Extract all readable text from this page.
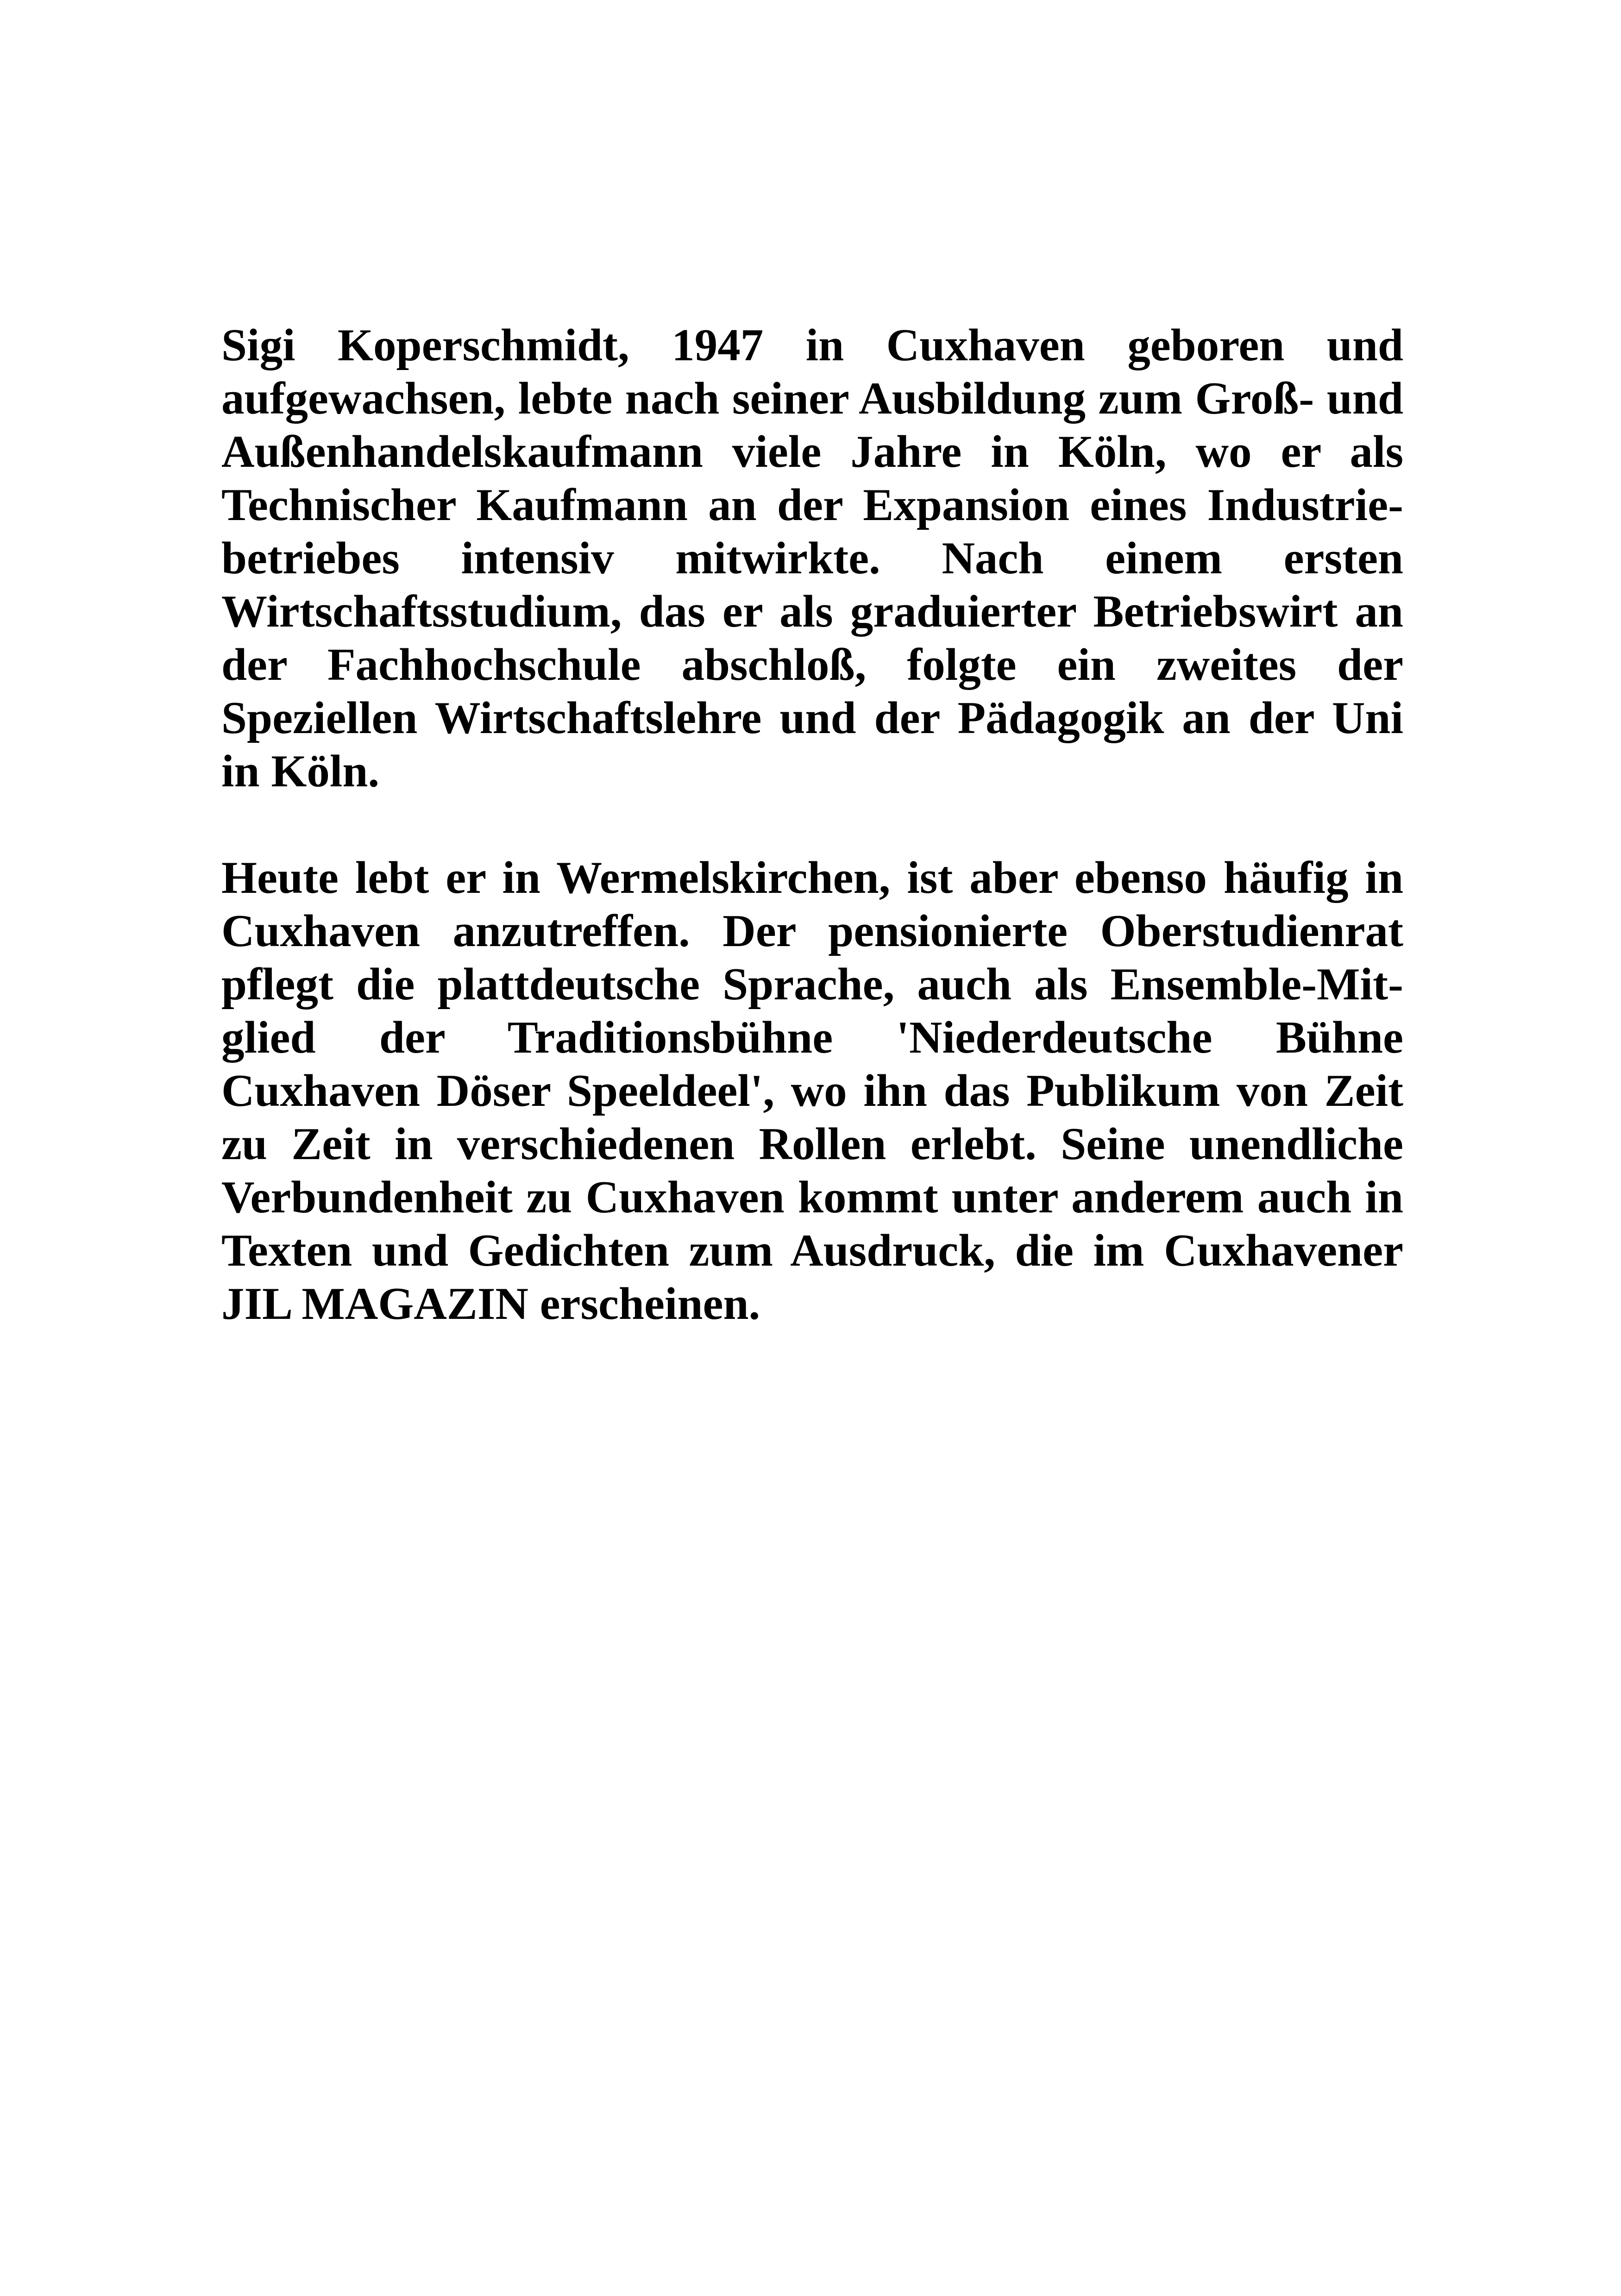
Sigi Koperschmidt, 1947 in Cuxhaven geboren und aufgewachsen, lebte nach seiner Ausbildung zum Groß- und Außenhandelskaufmann viele Jahre in Köln, wo er als Technischer Kaufmann an der Expansion eines Industriebetriebes intensiv mitwirkte. Nach einem ersten Wirtschaftsstudium, das er als graduierter Betriebswirt an der Fachhochschule abschloß, folgte ein zweites der Speziellen Wirtschaftslehre und der Pädagogik an der Uni in Köln.

Heute lebt er in Wermelskirchen, ist aber ebenso häufig in Cuxhaven anzutreffen. Der pensionierte Oberstudienrat pflegt die plattdeutsche Sprache, auch als Ensemble-Mitglied der Traditionsbühne 'Niederdeutsche Bühne Cuxhaven Döser Speeldeel', wo ihn das Publikum von Zeit zu Zeit in verschiedenen Rollen erlebt. Seine unendliche Verbundenheit zu Cuxhaven kommt unter anderem auch in Texten und Gedichten zum Ausdruck, die im Cuxhavener JIL MAGAZIN erscheinen.
